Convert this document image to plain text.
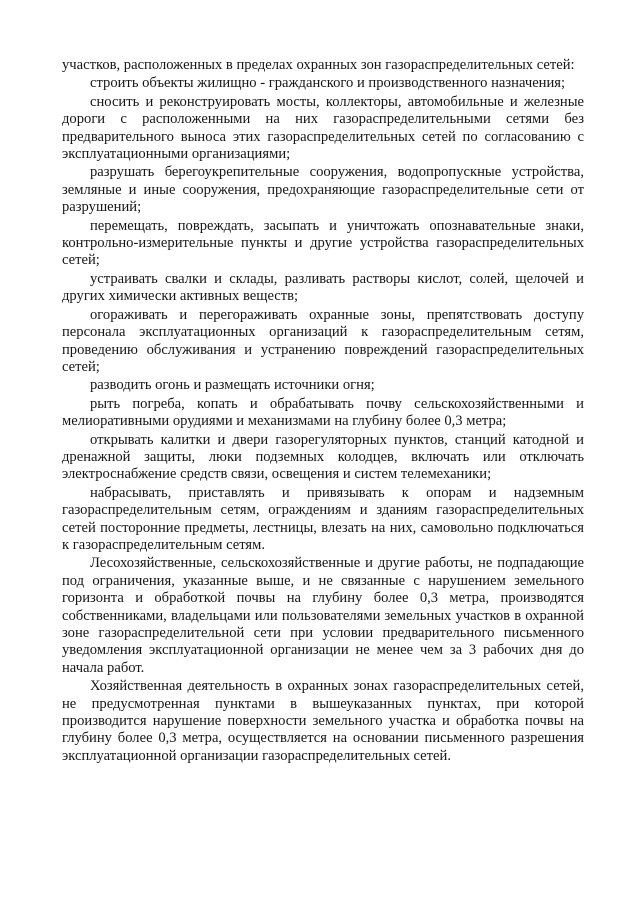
участков, расположенных в пределах охранных зон газораспределительных сетей:

строить объекты жилищно - гражданского и производственного назначения;

сносить и реконструировать мосты, коллекторы, автомобильные и железные дороги с расположенными на них газораспределительными сетями без предварительного выноса этих газораспределительных сетей по согласованию с эксплуатационными организациями;

разрушать берегоукрепительные сооружения, водопропускные устройства, земляные и иные сооружения, предохраняющие газораспределительные сети от разрушений;

перемещать, повреждать, засыпать и уничтожать опознавательные знаки, контрольно-измерительные пункты и другие устройства газораспределительных сетей;

устраивать свалки и склады, разливать растворы кислот, солей, щелочей и других химически активных веществ;

огораживать и перегораживать охранные зоны, препятствовать доступу персонала эксплуатационных организаций к газораспределительным сетям, проведению обслуживания и устранению повреждений газораспределительных сетей;

разводить огонь и размещать источники огня;

рыть погреба, копать и обрабатывать почву сельскохозяйственными и мелиоративными орудиями и механизмами на глубину более 0,3 метра;

открывать калитки и двери газорегуляторных пунктов, станций катодной и дренажной защиты, люки подземных колодцев, включать или отключать электроснабжение средств связи, освещения и систем телемеханики;

набрасывать, приставлять и привязывать к опорам и надземным газораспределительным сетям, ограждениям и зданиям газораспределительных сетей посторонние предметы, лестницы, влезать на них, самовольно подключаться к газораспределительным сетям.

Лесохозяйственные, сельскохозяйственные и другие работы, не подпадающие под ограничения, указанные выше, и не связанные с нарушением земельного горизонта и обработкой почвы на глубину более 0,3 метра, производятся собственниками, владельцами или пользователями земельных участков в охранной зоне газораспределительной сети при условии предварительного письменного уведомления эксплуатационной организации не менее чем за 3 рабочих дня до начала работ.

Хозяйственная деятельность в охранных зонах газораспределительных сетей, не предусмотренная пунктами в вышеуказанных пунктах, при которой производится нарушение поверхности земельного участка и обработка почвы на глубину более 0,3 метра, осуществляется на основании письменного разрешения эксплуатационной организации газораспределительных сетей.
